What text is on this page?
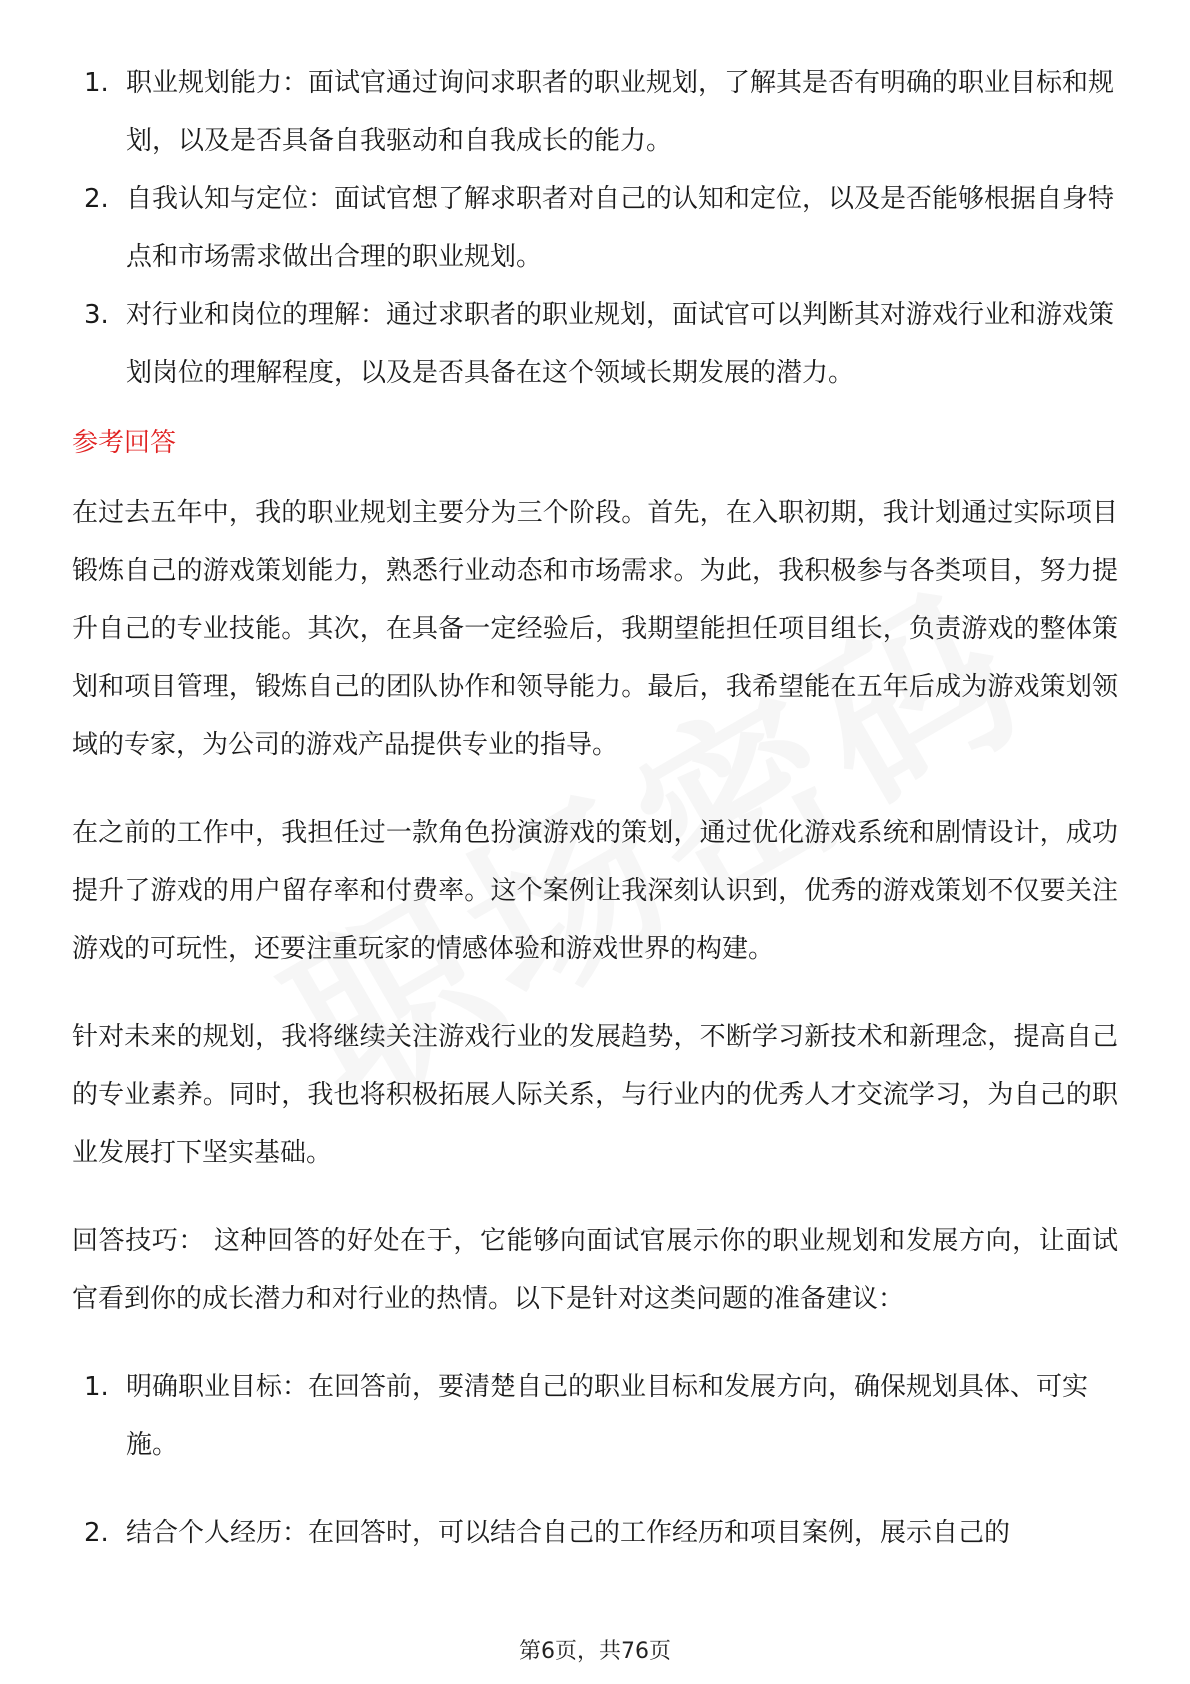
1. 职业规划能力：面试官通过询问求职者的职业规划，了解其是否有明确的职业目标和规划，以及是否具备自我驱动和自我成长的能力。
2. 自我认知与定位：面试官想了解求职者对自己的认知和定位，以及是否能够根据自身特点和市场需求做出合理的职业规划。
3. 对行业和岗位的理解：通过求职者的职业规划，面试官可以判断其对游戏行业和游戏策划岗位的理解程度，以及是否具备在这个领域长期发展的潜力。
参考回答

在过去五年中，我的职业规划主要分为三个阶段。首先，在入职初期，我计划通过实际项目锻炼自己的游戏策划能力，熟悉行业动态和市场需求。为此，我积极参与各类项目，努力提升自己的专业技能。其次，在具备一定经验后，我期望能担任项目组长，负责游戏的整体策划和项目管理，锻炼自己的团队协作和领导能力。最后，我希望能在五年后成为游戏策划领域的专家，为公司的游戏产品提供专业的指导。

在之前的工作中，我担任过一款角色扮演游戏的策划，通过优化游戏系统和剧情设计，成功提升了游戏的用户留存率和付费率。这个案例让我深刻认识到，优秀的游戏策划不仅要关注游戏的可玩性，还要注重玩家的情感体验和游戏世界的构建。

针对未来的规划，我将继续关注游戏行业的发展趋势，不断学习新技术和新理念，提高自己的专业素养。同时，我也将积极拓展人际关系，与行业内的优秀人才交流学习，为自己的职业发展打下坚实基础。

回答技巧： 这种回答的好处在于，它能够向面试官展示你的职业规划和发展方向，让面试官看到你的成长潜力和对行业的热情。以下是针对这类问题的准备建议：

1. 明确职业目标：在回答前，要清楚自己的职业目标和发展方向，确保规划具体、可实施。
2. 结合个人经历：在回答时，可以结合自己的工作经历和项目案例，展示自己的
第6页，共76页
